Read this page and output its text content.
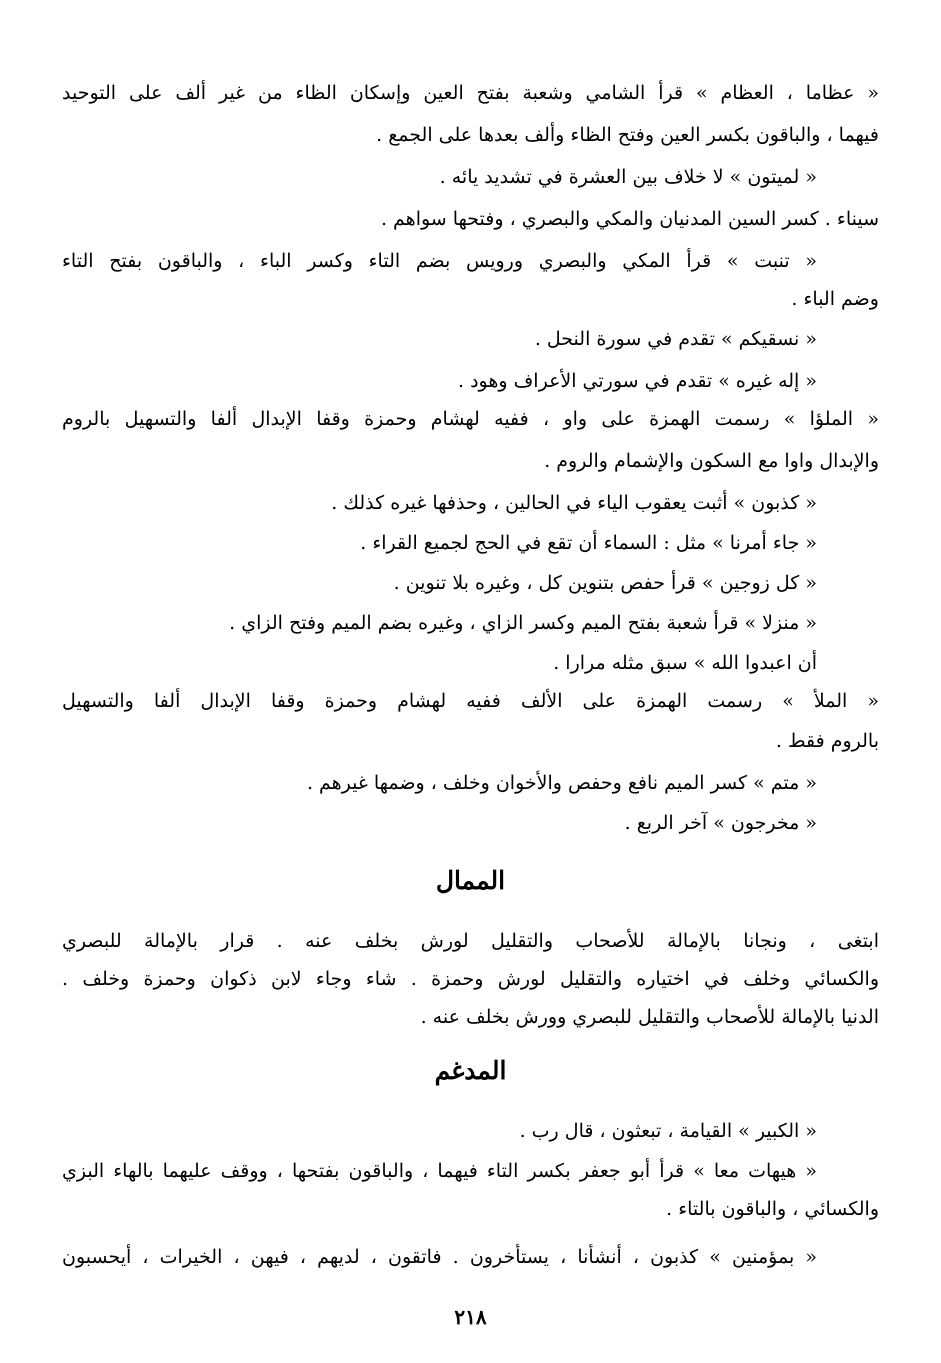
« عظاما ، العظام » قرأ الشامي وشعبة بفتح العين وإسكان الظاء من غير ألف على التوحيد
فيهما ، والباقون بكسر العين وفتح الظاء وألف بعدها على الجمع .
« لميتون » لا خلاف بين العشرة في تشديد يائه .
سيناء . كسر السين المدنيان والمكي والبصري ، وفتحها سواهم .
« تنبت » قرأ المكي والبصري ورويس بضم التاء وكسر الباء ، والباقون بفتح التاء
وضم الباء .
« نسقيكم » تقدم في سورة النحل .
« إله غيره » تقدم في سورتي الأعراف وهود .
« الملؤا » رسمت الهمزة على واو ، ففيه لهشام وحمزة وقفا الإبدال ألفا والتسهيل بالروم
والإبدال واوا مع السكون والإشمام والروم .
« كذبون » أثبت يعقوب الياء في الحالين ، وحذفها غيره كذلك .
« جاء أمرنا » مثل : السماء أن تقع في الحج لجميع القراء .
« كل زوجين » قرأ حفص بتنوين كل ، وغيره بلا تنوين .
« منزلا » قرأ شعبة بفتح الميم وكسر الزاي ، وغيره بضم الميم وفتح الزاي .
أن اعبدوا الله » سبق مثله مرارا .
« الملأ » رسمت الهمزة على الألف ففيه لهشام وحمزة وقفا الإبدال ألفا والتسهيل
بالروم فقط .
« متم » كسر الميم نافع وحفص والأخوان وخلف ، وضمها غيرهم .
« مخرجون » آخر الربع .
الممال
ابتغى ، ونجانا بالإمالة للأصحاب والتقليل لورش بخلف عنه . قرار بالإمالة للبصري
والكسائي وخلف في اختياره والتقليل لورش وحمزة . شاء وجاء لابن ذكوان وحمزة وخلف .
الدنيا بالإمالة للأصحاب والتقليل للبصري وورش بخلف عنه .
المدغم
« الكبير » القيامة ، تبعثون ، قال رب .
« هيهات معا » قرأ أبو جعفر بكسر التاء فيهما ، والباقون بفتحها ، ووقف عليهما بالهاء البزي
والكسائي ، والباقون بالتاء .
« بمؤمنين » كذبون ، أنشأنا ، يستأخرون . فاتقون ، لديهم ، فيهن ، الخيرات ، أيحسبون
٢١٨
